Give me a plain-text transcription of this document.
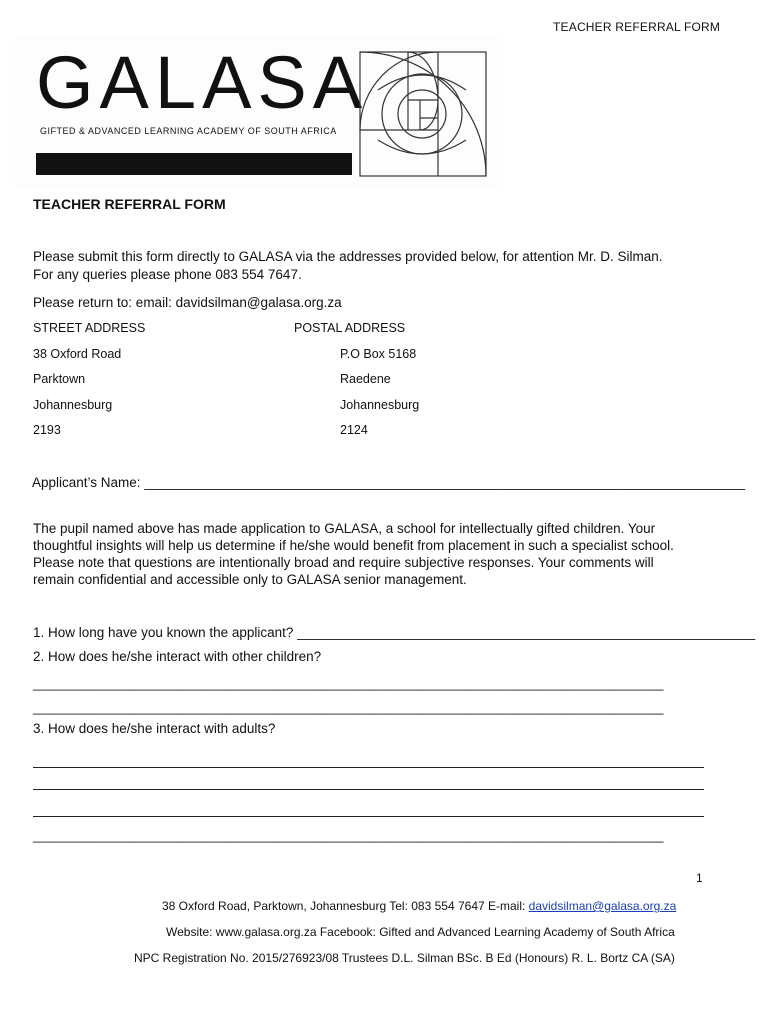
TEACHER REFERRAL FORM
GALASA
GIFTED & ADVANCED LEARNING ACADEMY OF SOUTH AFRICA
TEACHER REFERRAL FORM
Please submit this form directly to GALASA via the addresses provided below, for attention Mr. D. Silman.
For any queries please phone 083 554 7647.
Please return to: email: davidsilman@galasa.org.za
STREET ADDRESS	POSTAL ADDRESS
38 Oxford Road
Parktown
Johannesburg
2193
P.O Box 5168
Raedene
Johannesburg
2124
Applicant’s Name: ________________________________________________________________________________
The pupil named above has made application to GALASA, a school for intellectually gifted children. Your
thoughtful insights will help us determine if he/she would benefit from placement in such a specialist school.
Please note that questions are intentionally broad and require subjective responses. Your comments will
remain confidential and accessible only to GALASA senior management.
1. How long have you known the applicant? _____________________________________________________________
2. How does he/she interact with other children?
____________________________________________________________________________________________
____________________________________________________________________________________________
3. How does he/she interact with adults?
____________________________________________________________________________________________
1
38 Oxford Road, Parktown, Johannesburg Tel: 083 554 7647 E-mail: davidsilman@galasa.org.za
Website: www.galasa.org.za Facebook: Gifted and Advanced Learning Academy of South Africa
NPC Registration No. 2015/276923/08 Trustees D.L. Silman BSc. B Ed (Honours) R. L. Bortz CA (SA)
